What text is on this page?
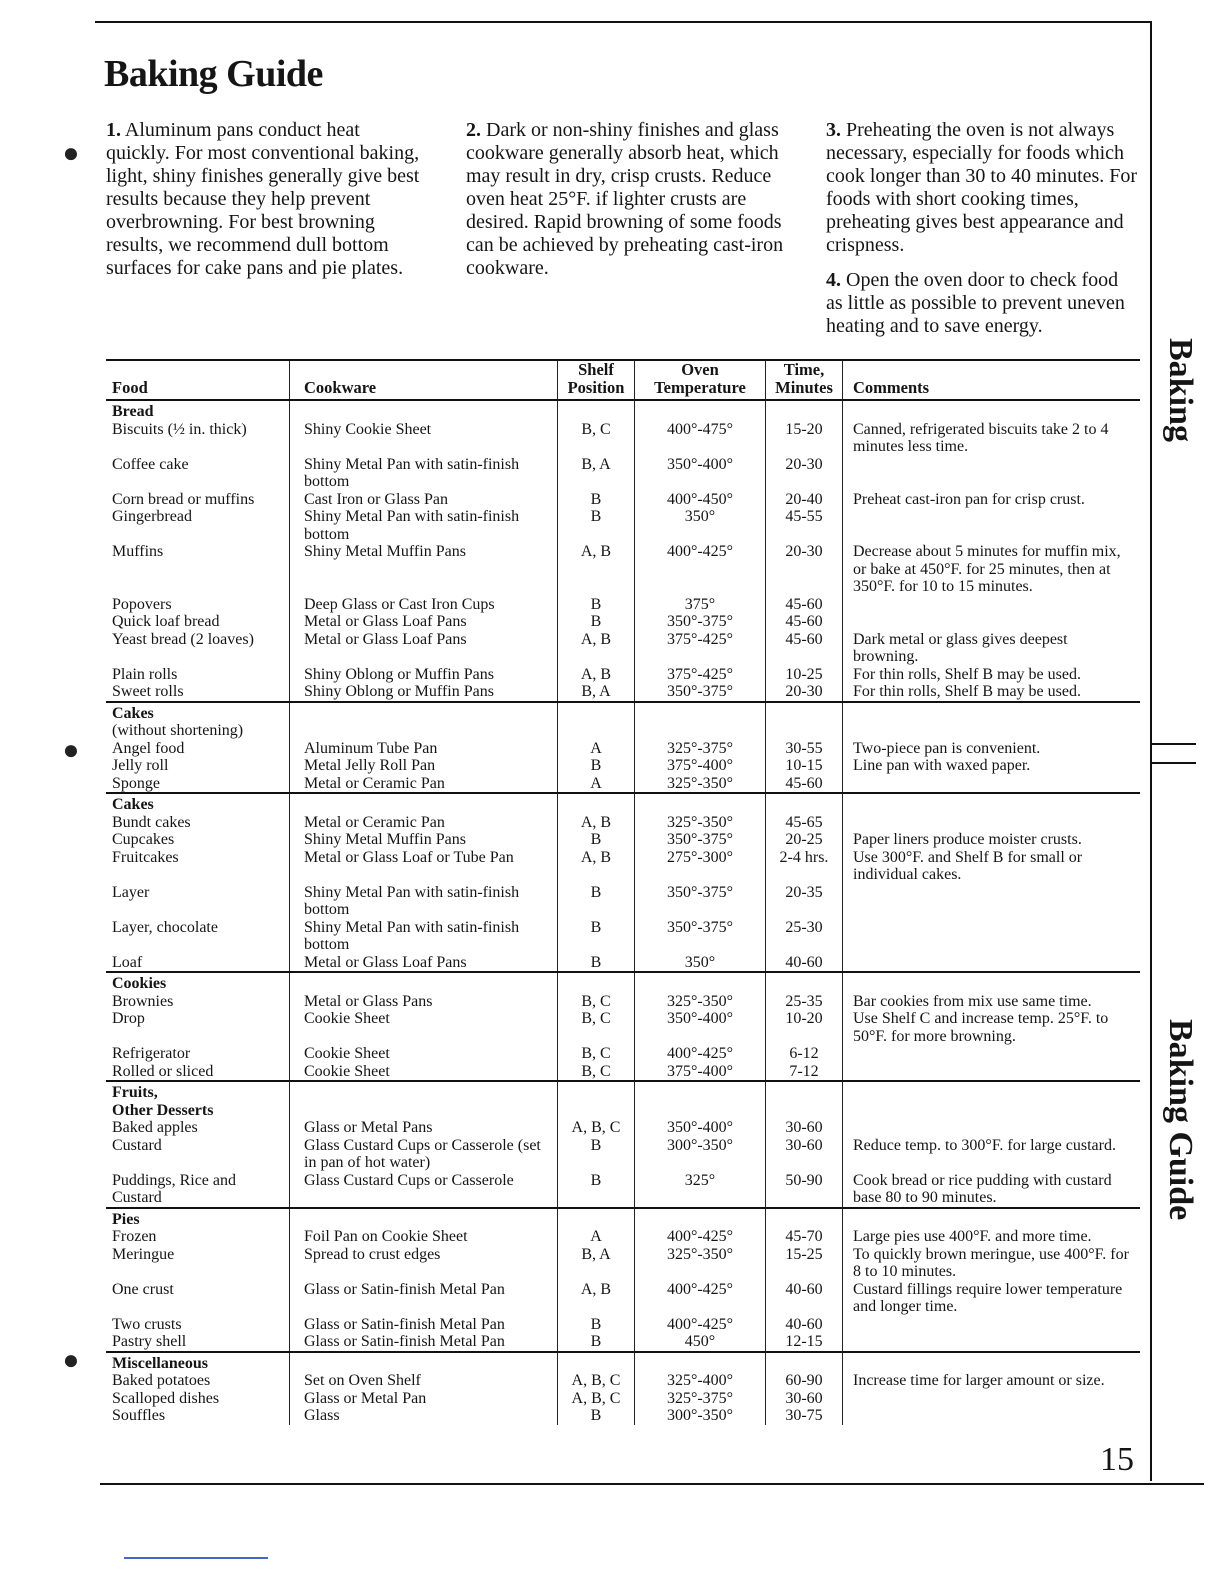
Baking
Baking Guide
●
●
●
Baking Guide

1. Aluminum pans conduct heat quickly. For most conventional baking, light, shiny finishes generally give best results because they help prevent overbrowning. For best browning results, we recommend dull bottom surfaces for cake pans and pie plates.

2. Dark or non-shiny finishes and glass cookware generally absorb heat, which may result in dry, crisp crusts. Reduce oven heat 25°F. if lighter crusts are desired. Rapid browning of some foods can be achieved by preheating cast-iron cookware.

3. Preheating the oven is not always necessary, especially for foods which cook longer than 30 to 40 minutes. For foods with short cooking times, preheating gives best appearance and crispness.

4. Open the oven door to check food as little as possible to prevent uneven heating and to save energy.

Food	Cookware	Shelf Position	Oven Temperature	Time, Minutes	Comments
Bread					
Biscuits (½ in. thick)	Shiny Cookie Sheet	B, C	400°-475°	15-20	Canned, refrigerated biscuits take 2 to 4 minutes less time.
Coffee cake	Shiny Metal Pan with satin-finish bottom	B, A	350°-400°	20-30	
Corn bread or muffins	Cast Iron or Glass Pan	B	400°-450°	20-40	Preheat cast-iron pan for crisp crust.
Gingerbread	Shiny Metal Pan with satin-finish bottom	B	350°	45-55	
Muffins	Shiny Metal Muffin Pans	A, B	400°-425°	20-30	Decrease about 5 minutes for muffin mix, or bake at 450°F. for 25 minutes, then at 350°F. for 10 to 15 minutes.
Popovers	Deep Glass or Cast Iron Cups	B	375°	45-60	
Quick loaf bread	Metal or Glass Loaf Pans	B	350°-375°	45-60	
Yeast bread (2 loaves)	Metal or Glass Loaf Pans	A, B	375°-425°	45-60	Dark metal or glass gives deepest browning.
Plain rolls	Shiny Oblong or Muffin Pans	A, B	375°-425°	10-25	For thin rolls, Shelf B may be used.
Sweet rolls	Shiny Oblong or Muffin Pans	B, A	350°-375°	20-30	For thin rolls, Shelf B may be used.
Cakes					
(without shortening)					
Angel food	Aluminum Tube Pan	A	325°-375°	30-55	Two-piece pan is convenient.
Jelly roll	Metal Jelly Roll Pan	B	375°-400°	10-15	Line pan with waxed paper.
Sponge	Metal or Ceramic Pan	A	325°-350°	45-60	
Cakes					
Bundt cakes	Metal or Ceramic Pan	A, B	325°-350°	45-65	
Cupcakes	Shiny Metal Muffin Pans	B	350°-375°	20-25	Paper liners produce moister crusts.
Fruitcakes	Metal or Glass Loaf or Tube Pan	A, B	275°-300°	2-4 hrs.	Use 300°F. and Shelf B for small or individual cakes.
Layer	Shiny Metal Pan with satin-finish bottom	B	350°-375°	20-35	
Layer, chocolate	Shiny Metal Pan with satin-finish bottom	B	350°-375°	25-30	
Loaf	Metal or Glass Loaf Pans	B	350°	40-60	
Cookies					
Brownies	Metal or Glass Pans	B, C	325°-350°	25-35	Bar cookies from mix use same time.
Drop	Cookie Sheet	B, C	350°-400°	10-20	Use Shelf C and increase temp. 25°F. to 50°F. for more browning.
Refrigerator	Cookie Sheet	B, C	400°-425°	6-12	
Rolled or sliced	Cookie Sheet	B, C	375°-400°	7-12	
Fruits,					
Other Desserts					
Baked apples	Glass or Metal Pans	A, B, C	350°-400°	30-60	
Custard	Glass Custard Cups or Casserole (set in pan of hot water)	B	300°-350°	30-60	Reduce temp. to 300°F. for large custard.
Puddings, Rice and Custard	Glass Custard Cups or Casserole	B	325°	50-90	Cook bread or rice pudding with custard base 80 to 90 minutes.
Pies					
Frozen	Foil Pan on Cookie Sheet	A	400°-425°	45-70	Large pies use 400°F. and more time.
Meringue	Spread to crust edges	B, A	325°-350°	15-25	To quickly brown meringue, use 400°F. for 8 to 10 minutes.
One crust	Glass or Satin-finish Metal Pan	A, B	400°-425°	40-60	Custard fillings require lower temperature and longer time.
Two crusts	Glass or Satin-finish Metal Pan	B	400°-425°	40-60	
Pastry shell	Glass or Satin-finish Metal Pan	B	450°	12-15	
Miscellaneous					
Baked potatoes	Set on Oven Shelf	A, B, C	325°-400°	60-90	Increase time for larger amount or size.
Scalloped dishes	Glass or Metal Pan	A, B, C	325°-375°	30-60	
Souffles	Glass	B	300°-350°	30-75	
15
